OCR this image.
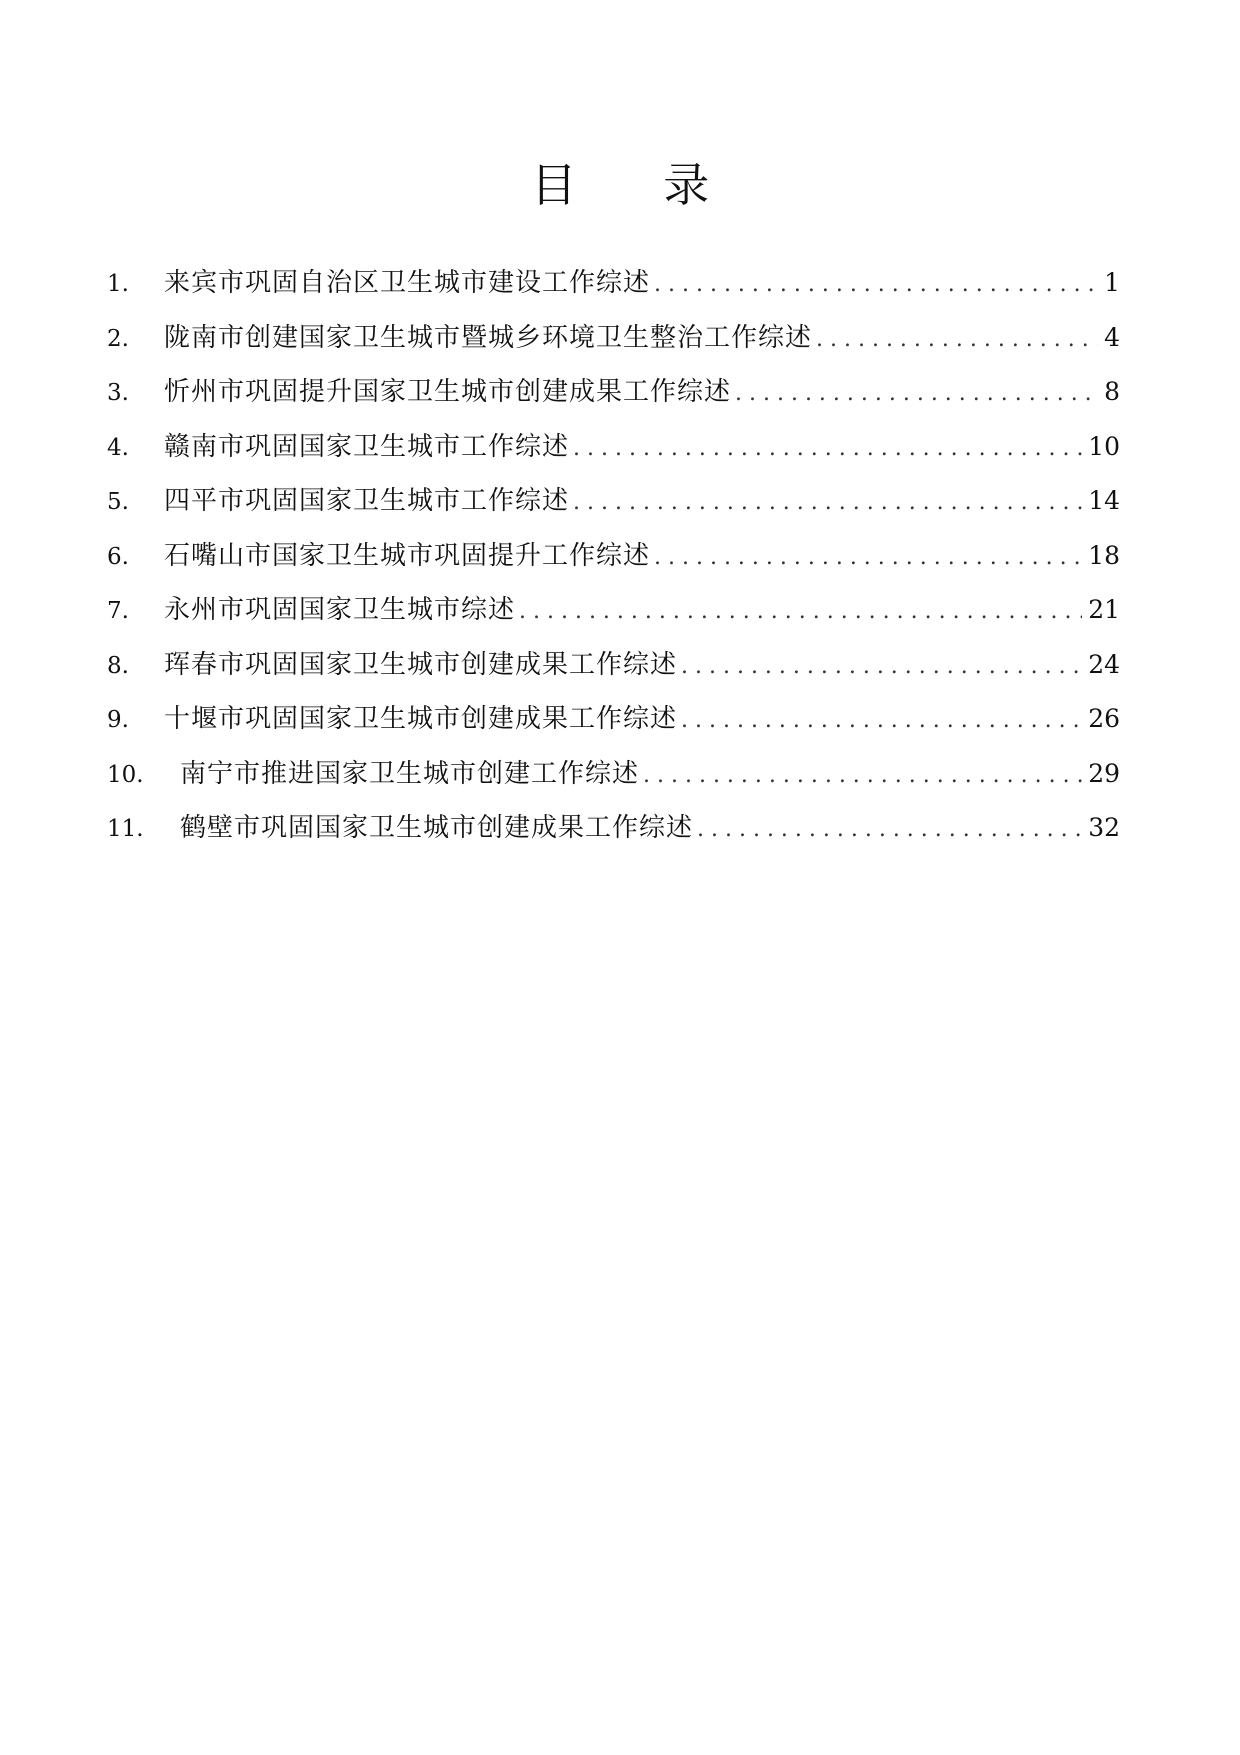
目 录
1.	来宾市巩固自治区卫生城市建设工作综述 . . .	1
2.	陇南市创建国家卫生城市暨城乡环境卫生整治工作综述 . . .	4
3.	忻州市巩固提升国家卫生城市创建成果工作综述 . . .	8
4.	赣南市巩固国家卫生城市工作综述 . . .	10
5.	四平市巩固国家卫生城市工作综述 . . .	14
6.	石嘴山市国家卫生城市巩固提升工作综述 . . .	18
7.	永州市巩固国家卫生城市综述 . . .	21
8.	珲春市巩固国家卫生城市创建成果工作综述 . . .	24
9.	十堰市巩固国家卫生城市创建成果工作综述 . . .	26
10.	南宁市推进国家卫生城市创建工作综述 . . .	29
11.	鹤壁市巩固国家卫生城市创建成果工作综述 . . .	32
